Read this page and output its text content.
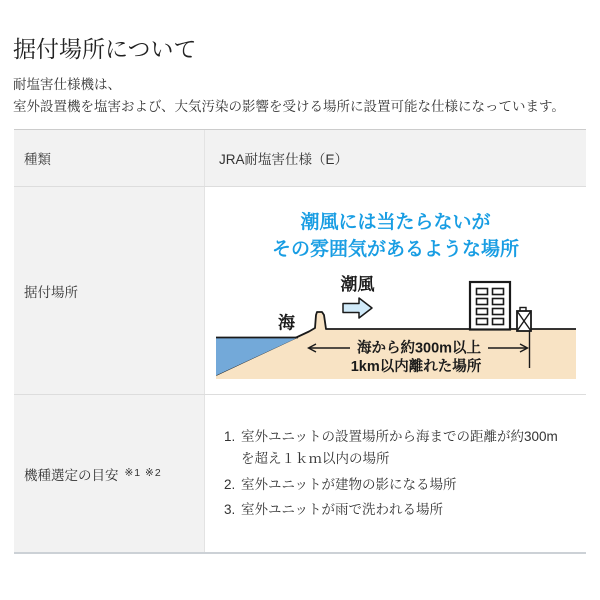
据付場所について

耐塩害仕様機は、
室外設置機を塩害および、大気汚染の影響を受ける場所に設置可能な仕様になっています。

種類	JRA耐塩害仕様（E）
据付場所
潮風には当たらないが
その雰囲気があるような場所
潮風
海
海から約300m以上
1km以内離れた場所
機種選定の目安 $^{※1 ※2}$
1. 室外ユニットの設置場所から海までの距離が約300mを超え１ｋｍ以内の場所
2. 室外ユニットが建物の影になる場所
3. 室外ユニットが雨で洗われる場所
